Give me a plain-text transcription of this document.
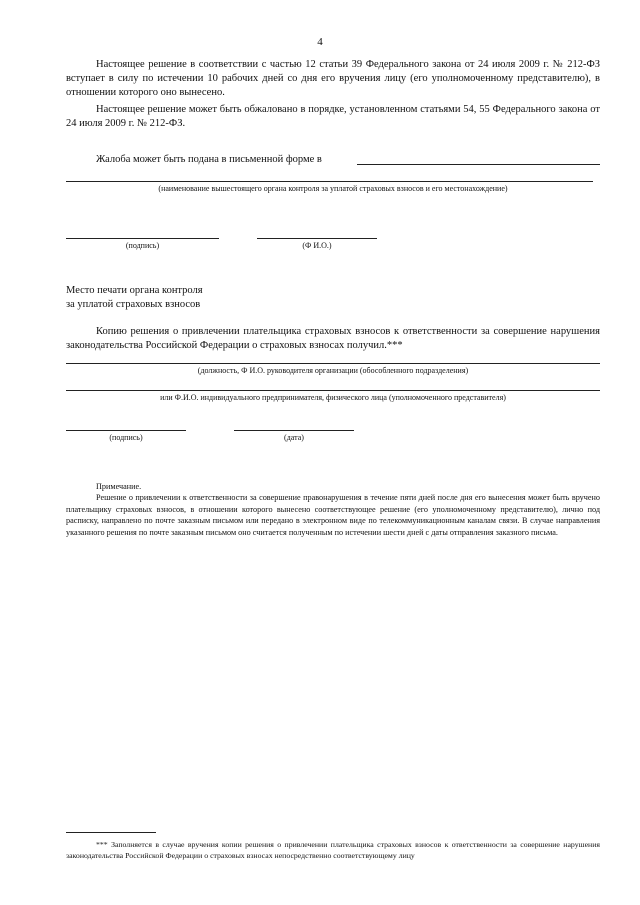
4
Настоящее решение в соответствии с частью 12 статьи 39 Федерального закона от 24 июля 2009 г. № 212-ФЗ вступает в силу по истечении 10 рабочих дней со дня его вручения лицу (его уполномоченному представителю), в отношении которого оно вынесено.
Настоящее решение может быть обжаловано в порядке, установленном статьями 54, 55 Федерального закона от 24 июля 2009 г. № 212-ФЗ.
Жалоба может быть подана в письменной форме в
(наименование вышестоящего органа контроля за уплатой страховых взносов и его местонахождение)
(подпись)	(Ф И.О.)
Место печати органа контроля
за уплатой страховых взносов
Копию решения о привлечении плательщика страховых взносов к ответственности за совершение нарушения законодательства Российской Федерации о страховых взносах получил.***
(должность, Ф И.О. руководителя организации (обособленного подразделения)
или Ф.И.О. индивидуального предпринимателя, физического лица (уполномоченного представителя)
(подпись)	(дата)
Примечание.
Решение о привлечении к ответственности за совершение правонарушения в течение пяти дней после дня его вынесения может быть вручено плательщику страховых взносов, в отношении которого вынесено соответствующее решение (его уполномоченному представителю), лично под расписку, направлено по почте заказным письмом или передано в электронном виде по телекоммуникационным каналам связи. В случае направления указанного решения по почте заказным письмом оно считается полученным по истечении шести дней с даты отправления заказного письма.
*** Заполняется в случае вручения копии решения о привлечении плательщика страховых взносов к ответственности за совершение нарушения законодательства Российской Федерации о страховых взносах непосредственно соответствующему лицу
